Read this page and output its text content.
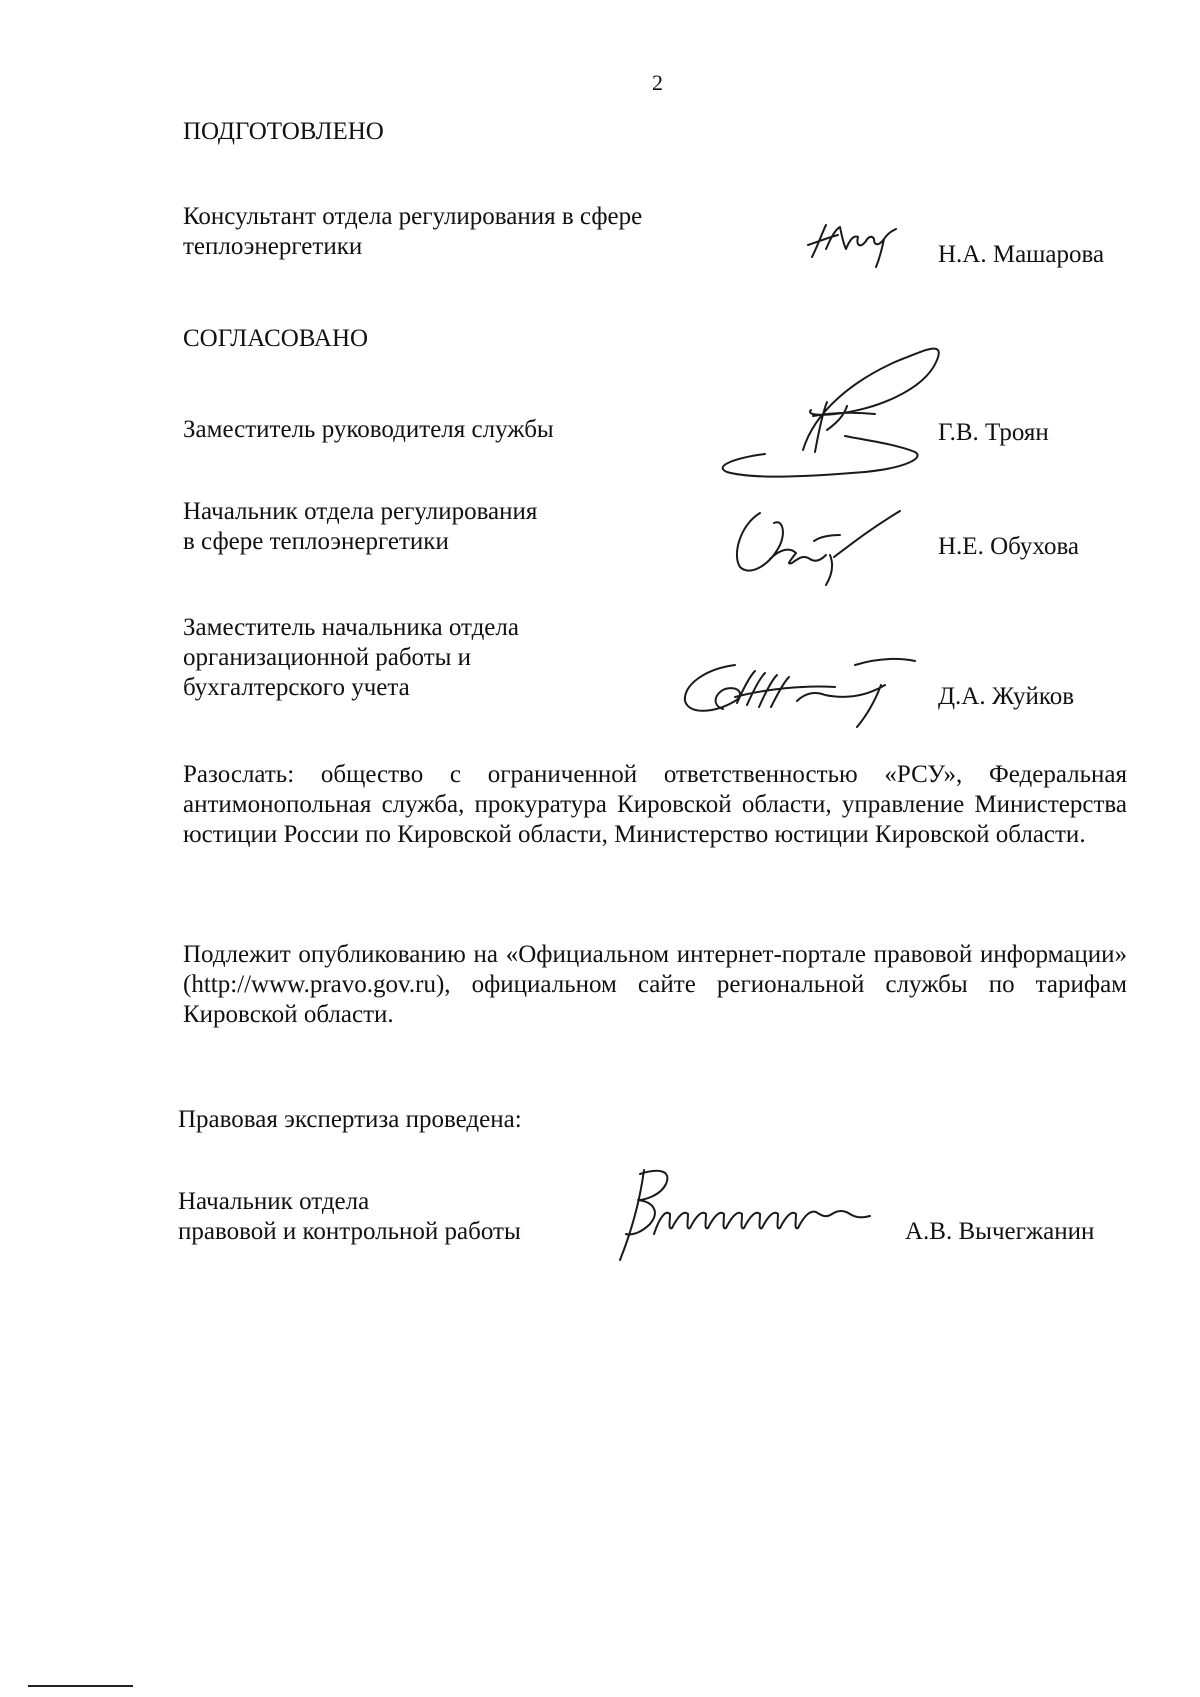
2
ПОДГОТОВЛЕНО
Консультант отдела регулирования в сфере
теплоэнергетики	Н.А. Машарова
СОГЛАСОВАНО
Заместитель руководителя службы	Г.В. Троян
Начальник отдела регулирования
в сфере теплоэнергетики	Н.Е. Обухова
Заместитель начальника отдела
организационной работы и
бухгалтерского учета	Д.А. Жуйков
Разослать: общество с ограниченной ответственностью «РСУ», Федеральная антимонопольная служба, прокуратура Кировской области, управление Министерства юстиции России по Кировской области, Министерство юстиции Кировской области.
Подлежит опубликованию на «Официальном интернет-портале правовой информации» (http://www.pravo.gov.ru), официальном сайте региональной службы по тарифам Кировской области.
Правовая экспертиза проведена:
Начальник отдела
правовой и контрольной работы	А.В. Вычегжанин
